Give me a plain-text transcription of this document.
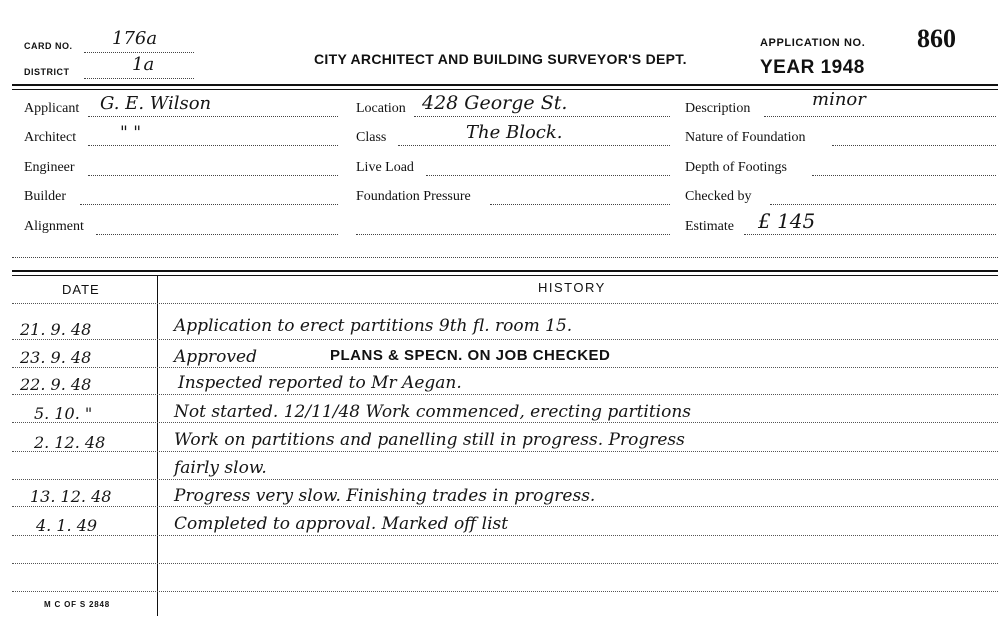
CARD NO. 176a
DISTRICT	1a	CITY ARCHITECT AND BUILDING SURVEYOR'S DEPT.
APPLICATION NO. 860
YEAR 1948
Applicant G. E. Wilson
Architect	" "
Engineer
Builder
Alignment
Location 428 George St.
Class	The Block.
Live Load
Foundation Pressure
Description	minor
Nature of Foundation
Depth of Footings
Checked by
Estimate £ 145
DATE	HISTORY
21. 9. 48	Application to erect partitions 9th fl. room 15.
23. 9. 48	Approved	PLANS & SPECN. ON JOB CHECKED
22. 9. 48	Inspected reported to Mr Aegan.
5. 10. "	Not started. 12/11/48 Work commenced, erecting partitions
2. 12. 48	Work on partitions and panelling still in progress. Progress
fairly slow.
13. 12. 48	Progress very slow. Finishing trades in progress.
4. 1. 49	Completed to approval. Marked off list
M C OF S 2848
